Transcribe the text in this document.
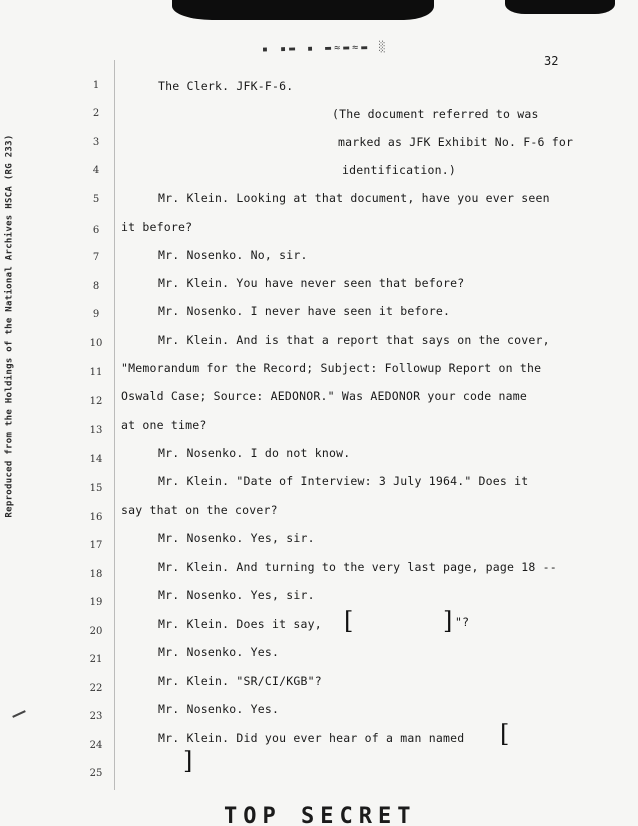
▪ ▪▬ ▪ ▬≈▬≈▬ ░
32
Reproduced from the Holdings of the National Archives HSCA (RG 233)
1
2
3
4
5
6
7
8
9
10
11
12
13
14
15
16
17
18
19
20
21
22
23
24
25
The Clerk. JFK-F-6.
(The document referred to was
marked as JFK Exhibit No. F-6 for
identification.)
Mr. Klein. Looking at that document, have you ever seen
it before?
Mr. Nosenko. No, sir.
Mr. Klein. You have never seen that before?
Mr. Nosenko. I never have seen it before.
Mr. Klein. And is that a report that says on the cover,
"Memorandum for the Record; Subject: Followup Report on the
Oswald Case; Source: AEDONOR." Was AEDONOR your code name
at one time?
Mr. Nosenko. I do not know.
Mr. Klein. "Date of Interview: 3 July 1964." Does it
say that on the cover?
Mr. Nosenko. Yes, sir.
Mr. Klein. And turning to the very last page, page 18 --
Mr. Nosenko. Yes, sir.
Mr. Klein. Does it say, [	] "?
Mr. Nosenko. Yes.
Mr. Klein. "SR/CI/KGB"?
Mr. Nosenko. Yes.
Mr. Klein. Did you ever hear of a man named [
]
TOP SECRET
